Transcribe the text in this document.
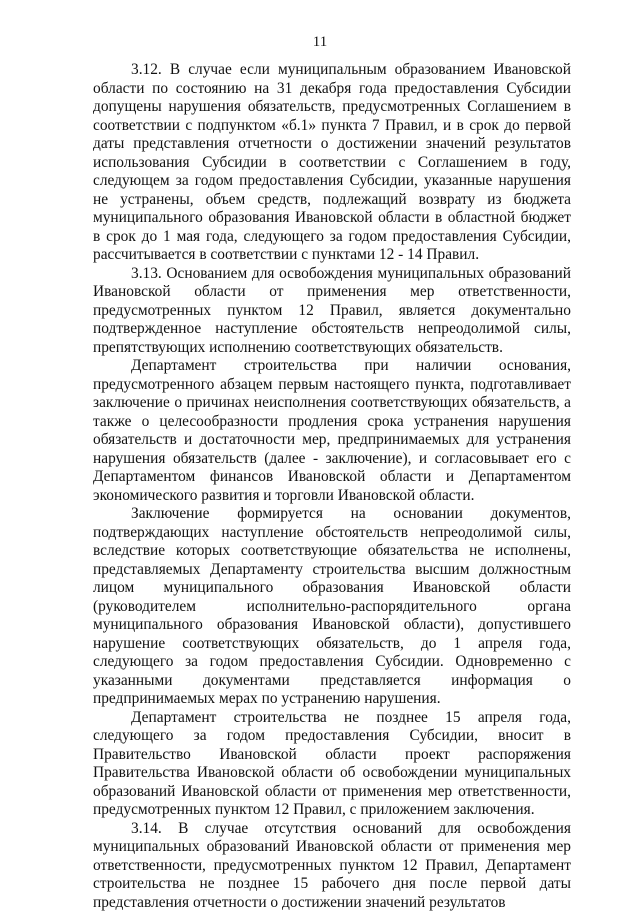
11

3.12. В случае если муниципальным образованием Ивановской области по состоянию на 31 декабря года предоставления Субсидии допущены нарушения обязательств, предусмотренных Соглашением в соответствии с подпунктом «б.1» пункта 7 Правил, и в срок до первой даты представления отчетности о достижении значений результатов использования Субсидии в соответствии с Соглашением в году, следующем за годом предоставления Субсидии, указанные нарушения не устранены, объем средств, подлежащий возврату из бюджета муниципального образования Ивановской области в областной бюджет в срок до 1 мая года, следующего за годом предоставления Субсидии, рассчитывается в соответствии с пунктами 12 - 14 Правил.

3.13. Основанием для освобождения муниципальных образований Ивановской области от применения мер ответственности, предусмотренных пунктом 12 Правил, является документально подтвержденное наступление обстоятельств непреодолимой силы, препятствующих исполнению соответствующих обязательств.

Департамент строительства при наличии основания, предусмотренного абзацем первым настоящего пункта, подготавливает заключение о причинах неисполнения соответствующих обязательств, а также о целесообразности продления срока устранения нарушения обязательств и достаточности мер, предпринимаемых для устранения нарушения обязательств (далее - заключение), и согласовывает его с Департаментом финансов Ивановской области и Департаментом экономического развития и торговли Ивановской области.

Заключение формируется на основании документов, подтверждающих наступление обстоятельств непреодолимой силы, вследствие которых соответствующие обязательства не исполнены, представляемых Департаменту строительства высшим должностным лицом муниципального образования Ивановской области (руководителем исполнительно-распорядительного органа муниципального образования Ивановской области), допустившего нарушение соответствующих обязательств, до 1 апреля года, следующего за годом предоставления Субсидии. Одновременно с указанными документами представляется информация о предпринимаемых мерах по устранению нарушения.

Департамент строительства не позднее 15 апреля года, следующего за годом предоставления Субсидии, вносит в Правительство Ивановской области проект распоряжения Правительства Ивановской области об освобождении муниципальных образований Ивановской области от применения мер ответственности, предусмотренных пунктом 12 Правил, с приложением заключения.

3.14. В случае отсутствия оснований для освобождения муниципальных образований Ивановской области от применения мер ответственности, предусмотренных пунктом 12 Правил, Департамент строительства не позднее 15 рабочего дня после первой даты представления отчетности о достижении значений результатов
